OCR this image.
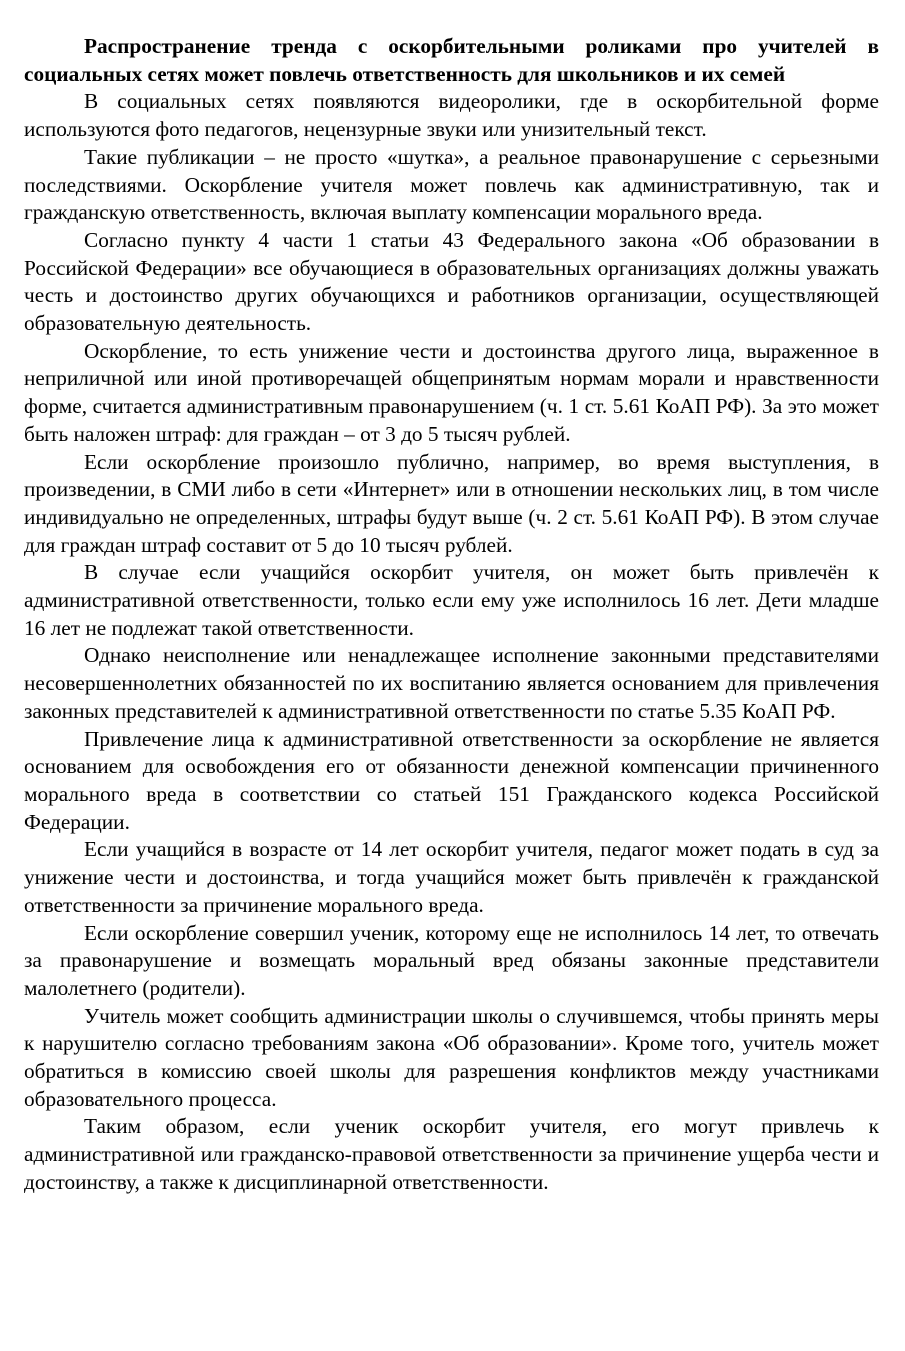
Распространение тренда с оскорбительными роликами про учителей в социальных сетях может повлечь ответственность для школьников и их семей

В социальных сетях появляются видеоролики, где в оскорбительной форме используются фото педагогов, нецензурные звуки или унизительный текст.

Такие публикации – не просто «шутка», а реальное правонарушение с серьезными последствиями. Оскорбление учителя может повлечь как административную, так и гражданскую ответственность, включая выплату компенсации морального вреда.

Согласно пункту 4 части 1 статьи 43 Федерального закона «Об образовании в Российской Федерации» все обучающиеся в образовательных организациях должны уважать честь и достоинство других обучающихся и работников организации, осуществляющей образовательную деятельность.

Оскорбление, то есть унижение чести и достоинства другого лица, выраженное в неприличной или иной противоречащей общепринятым нормам морали и нравственности форме, считается административным правонарушением (ч. 1 ст. 5.61 КоАП РФ). За это может быть наложен штраф: для граждан – от 3 до 5 тысяч рублей.

Если оскорбление произошло публично, например, во время выступления, в произведении, в СМИ либо в сети «Интернет» или в отношении нескольких лиц, в том числе индивидуально не определенных, штрафы будут выше (ч. 2 ст. 5.61 КоАП РФ). В этом случае для граждан штраф составит от 5 до 10 тысяч рублей.

В случае если учащийся оскорбит учителя, он может быть привлечён к административной ответственности, только если ему уже исполнилось 16 лет. Дети младше 16 лет не подлежат такой ответственности.

Однако неисполнение или ненадлежащее исполнение законными представителями несовершеннолетних обязанностей по их воспитанию является основанием для привлечения законных представителей к административной ответственности по статье 5.35 КоАП РФ.

Привлечение лица к административной ответственности за оскорбление не является основанием для освобождения его от обязанности денежной компенсации причиненного морального вреда в соответствии со статьей 151 Гражданского кодекса Российской Федерации.

Если учащийся в возрасте от 14 лет оскорбит учителя, педагог может подать в суд за унижение чести и достоинства, и тогда учащийся может быть привлечён к гражданской ответственности за причинение морального вреда.

Если оскорбление совершил ученик, которому еще не исполнилось 14 лет, то отвечать за правонарушение и возмещать моральный вред обязаны законные представители малолетнего (родители).

Учитель может сообщить администрации школы о случившемся, чтобы принять меры к нарушителю согласно требованиям закона «Об образовании». Кроме того, учитель может обратиться в комиссию своей школы для разрешения конфликтов между участниками образовательного процесса.

Таким образом, если ученик оскорбит учителя, его могут привлечь к административной или гражданско-правовой ответственности за причинение ущерба чести и достоинству, а также к дисциплинарной ответственности.
